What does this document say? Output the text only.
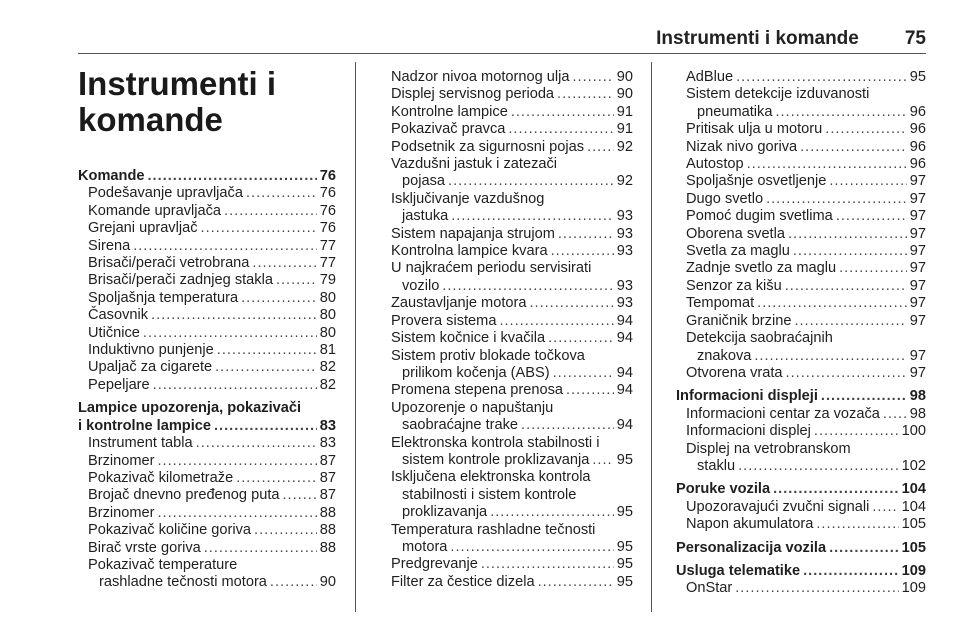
Instrumenti i komande 75
Instrumenti i
komande
Komande .....	76
Podešavanje upravljača .....	76
Komande upravljača .....	76
Grejani upravljač .....	76
Sirena .....	77
Brisači/perači vetrobrana .....	77
Brisači/perači zadnjeg stakla .....	79
Spoljašnja temperatura .....	80
Časovnik .....	80
Utičnice .....	80
Induktivno punjenje .....	81
Upaljač za cigarete .....	82
Pepeljare .....	82
Lampice upozorenja, pokazivači
i kontrolne lampice .....	83
Instrument tabla .....	83
Brzinomer .....	87
Pokazivač kilometraže .....	87
Brojač dnevno pređenog puta .....	87
Brzinomer .....	88
Pokazivač količine goriva .....	88
Birač vrste goriva .....	88
Pokazivač temperature
rashladne tečnosti motora .....	90
Nadzor nivoa motornog ulja .....	90
Displej servisnog perioda .....	90
Kontrolne lampice .....	91
Pokazivač pravca .....	91
Podsetnik za sigurnosni pojas ..... 92
Vazdušni jastuk i zatezači
pojasa .....	92
Isključivanje vazdušnog
jastuka .....	93
Sistem napajanja strujom .....	93
Kontrolna lampice kvara .....	93
U najkraćem periodu servisirati
vozilo .....	93
Zaustavljanje motora .....	93
Provera sistema .....	94
Sistem kočnice i kvačila .....	94
Sistem protiv blokade točkova
prilikom kočenja (ABS) .....	94
Promena stepena prenosa .....	94
Upozorenje o napuštanju
saobraćajne trake .....	94
Elektronska kontrola stabilnosti i
sistem kontrole proklizavanja ..... 95
Isključena elektronska kontrola
stabilnosti i sistem kontrole
proklizavanja .....	95
Temperatura rashladne tečnosti
motora .....	95
Predgrevanje .....	95
Filter za čestice dizela .....	95
AdBlue .....	95
Sistem detekcije izduvanosti
pneumatika .....	96
Pritisak ulja u motoru .....	96
Nizak nivo goriva .....	96
Autostop .....	96
Spoljašnje osvetljenje .....	97
Dugo svetlo .....	97
Pomoć dugim svetlima .....	97
Oborena svetla .....	97
Svetla za maglu .....	97
Zadnje svetlo za maglu .....	97
Senzor za kišu .....	97
Tempomat .....	97
Graničnik brzine .....	97
Detekcija saobraćajnih
znakova .....	97
Otvorena vrata .....	97
Informacioni displeji .....	98
Informacioni centar za vozača ..... 98
Informacioni displej .....	100
Displej na vetrobranskom
staklu .....	102
Poruke vozila .....	104
Upozoravajući zvučni signali ..... 104
Napon akumulatora .....	105
Personalizacija vozila .....	105
Usluga telematike .....	109
OnStar .....	109
